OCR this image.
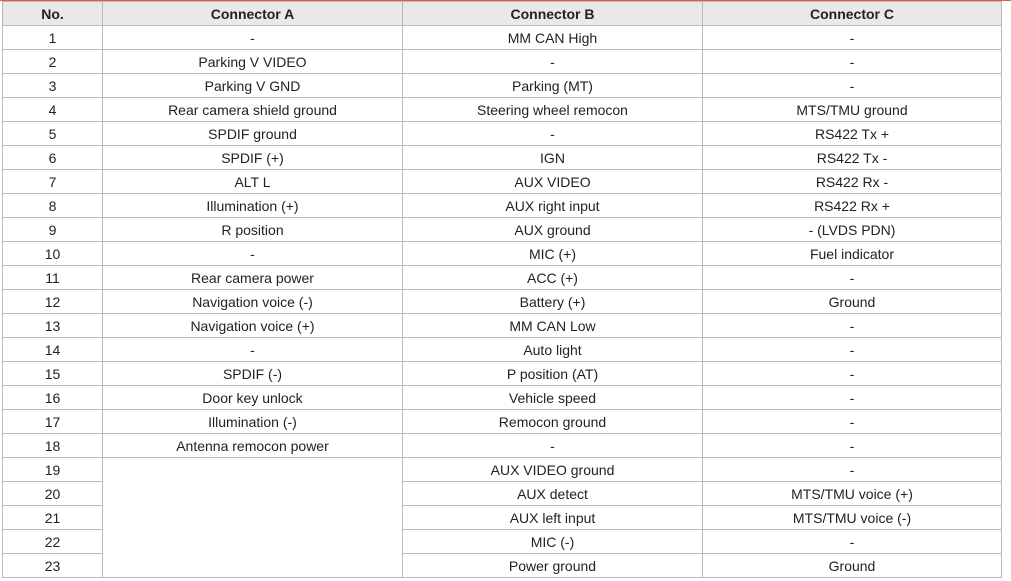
No.	Connector A	Connector B	Connector C
1	-	MM CAN High	-
2	Parking V VIDEO	-	-
3	Parking V GND	Parking (MT)	-
4	Rear camera shield ground	Steering wheel remocon	MTS/TMU ground
5	SPDIF ground	-	RS422 Tx +
6	SPDIF (+)	IGN	RS422 Tx -
7	ALT L	AUX VIDEO	RS422 Rx -
8	Illumination (+)	AUX right input	RS422 Rx +
9	R position	AUX ground	- (LVDS PDN)
10	-	MIC (+)	Fuel indicator
11	Rear camera power	ACC (+)	-
12	Navigation voice (-)	Battery (+)	Ground
13	Navigation voice (+)	MM CAN Low	-
14	-	Auto light	-
15	SPDIF (-)	P position (AT)	-
16	Door key unlock	Vehicle speed	-
17	Illumination (-)	Remocon ground	-
18	Antenna remocon power	-	-
19		AUX VIDEO ground	-
20		AUX detect	MTS/TMU voice (+)
21		AUX left input	MTS/TMU voice (-)
22		MIC (-)	-
23		Power ground	Ground
